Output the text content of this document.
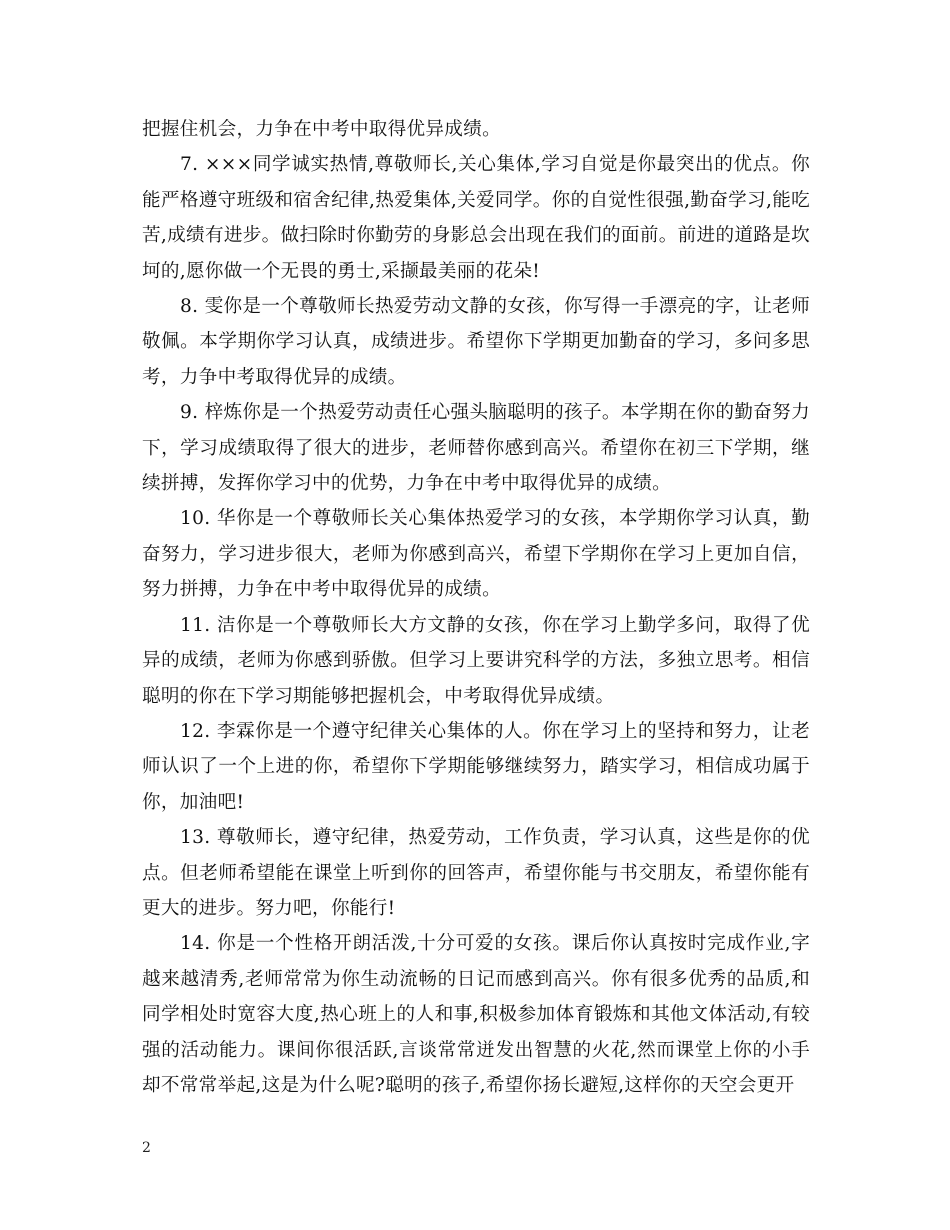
把握住机会，力争在中考中取得优异成绩。

7. ×××同学诚实热情,尊敬师长,关心集体,学习自觉是你最突出的优点。你能严格遵守班级和宿舍纪律,热爱集体,关爱同学。你的自觉性很强,勤奋学习,能吃苦,成绩有进步。做扫除时你勤劳的身影总会出现在我们的面前。前进的道路是坎坷的,愿你做一个无畏的勇士,采撷最美丽的花朵!

8. 雯你是一个尊敬师长热爱劳动文静的女孩，你写得一手漂亮的字，让老师敬佩。本学期你学习认真，成绩进步。希望你下学期更加勤奋的学习，多问多思考，力争中考取得优异的成绩。

9. 梓炼你是一个热爱劳动责任心强头脑聪明的孩子。本学期在你的勤奋努力下，学习成绩取得了很大的进步，老师替你感到高兴。希望你在初三下学期，继续拼搏，发挥你学习中的优势，力争在中考中取得优异的成绩。

10. 华你是一个尊敬师长关心集体热爱学习的女孩，本学期你学习认真，勤奋努力，学习进步很大，老师为你感到高兴，希望下学期你在学习上更加自信，努力拼搏，力争在中考中取得优异的成绩。

11. 洁你是一个尊敬师长大方文静的女孩，你在学习上勤学多问，取得了优异的成绩，老师为你感到骄傲。但学习上要讲究科学的方法，多独立思考。相信聪明的你在下学习期能够把握机会，中考取得优异成绩。

12. 李霖你是一个遵守纪律关心集体的人。你在学习上的坚持和努力，让老师认识了一个上进的你，希望你下学期能够继续努力，踏实学习，相信成功属于你，加油吧!

13. 尊敬师长，遵守纪律，热爱劳动，工作负责，学习认真，这些是你的优点。但老师希望能在课堂上听到你的回答声，希望你能与书交朋友，希望你能有更大的进步。努力吧，你能行!

14. 你是一个性格开朗活泼,十分可爱的女孩。课后你认真按时完成作业,字越来越清秀,老师常常为你生动流畅的日记而感到高兴。你有很多优秀的品质,和同学相处时宽容大度,热心班上的人和事,积极参加体育锻炼和其他文体活动,有较强的活动能力。课间你很活跃,言谈常常迸发出智慧的火花,然而课堂上你的小手却不常常举起,这是为什么呢?聪明的孩子,希望你扬长避短,这样你的天空会更开

2
